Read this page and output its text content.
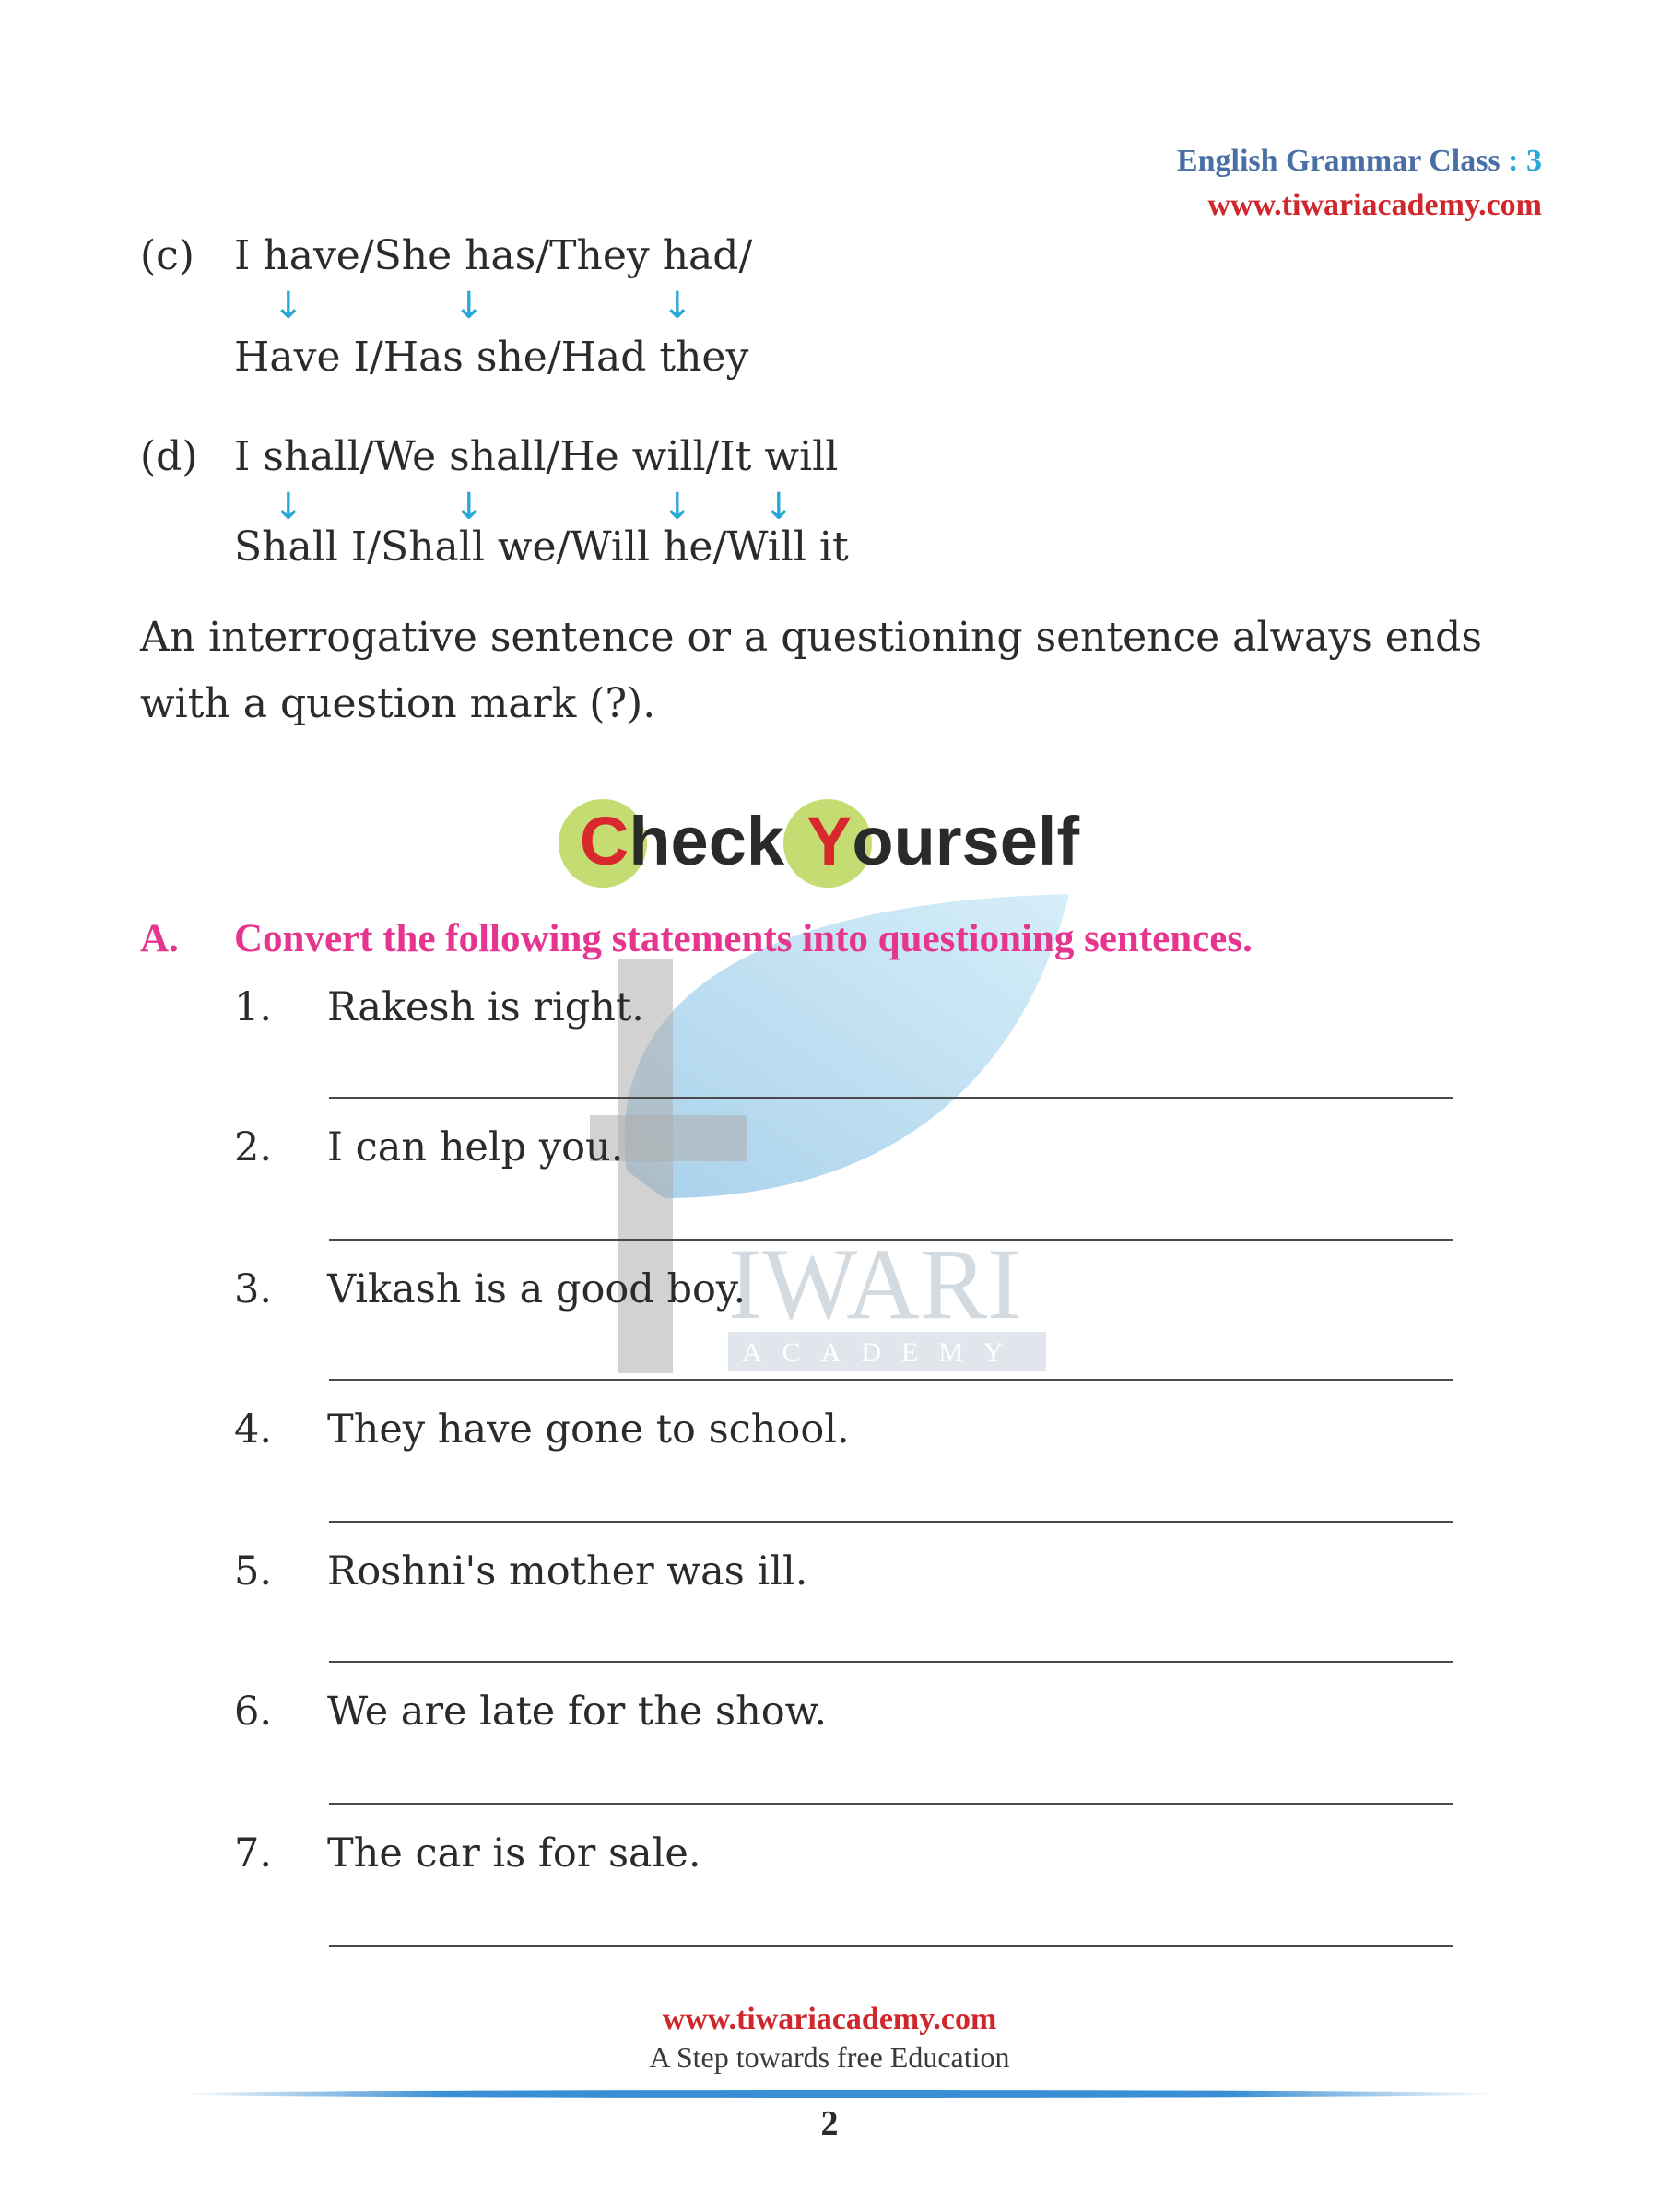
English Grammar Class : 3
www.tiwariacademy.com
IWARI
ACADEMY
(c) I have/She has/They had/
↓	↓	↓
Have I/Has she/Had they
(d) I shall/We shall/He will/It will
↓	↓	↓ ↓
Shall I/Shall we/Will he/Will it
An interrogative sentence or a questioning sentence always ends with a question mark (?).
Check Yourself
A. Convert the following statements into questioning sentences.
1. Rakesh is right.
2. I can help you.
3. Vikash is a good boy.
4. They have gone to school.
5. Roshni's mother was ill.
6. We are late for the show.
7. The car is for sale.
www.tiwariacademy.com
A Step towards free Education
2
